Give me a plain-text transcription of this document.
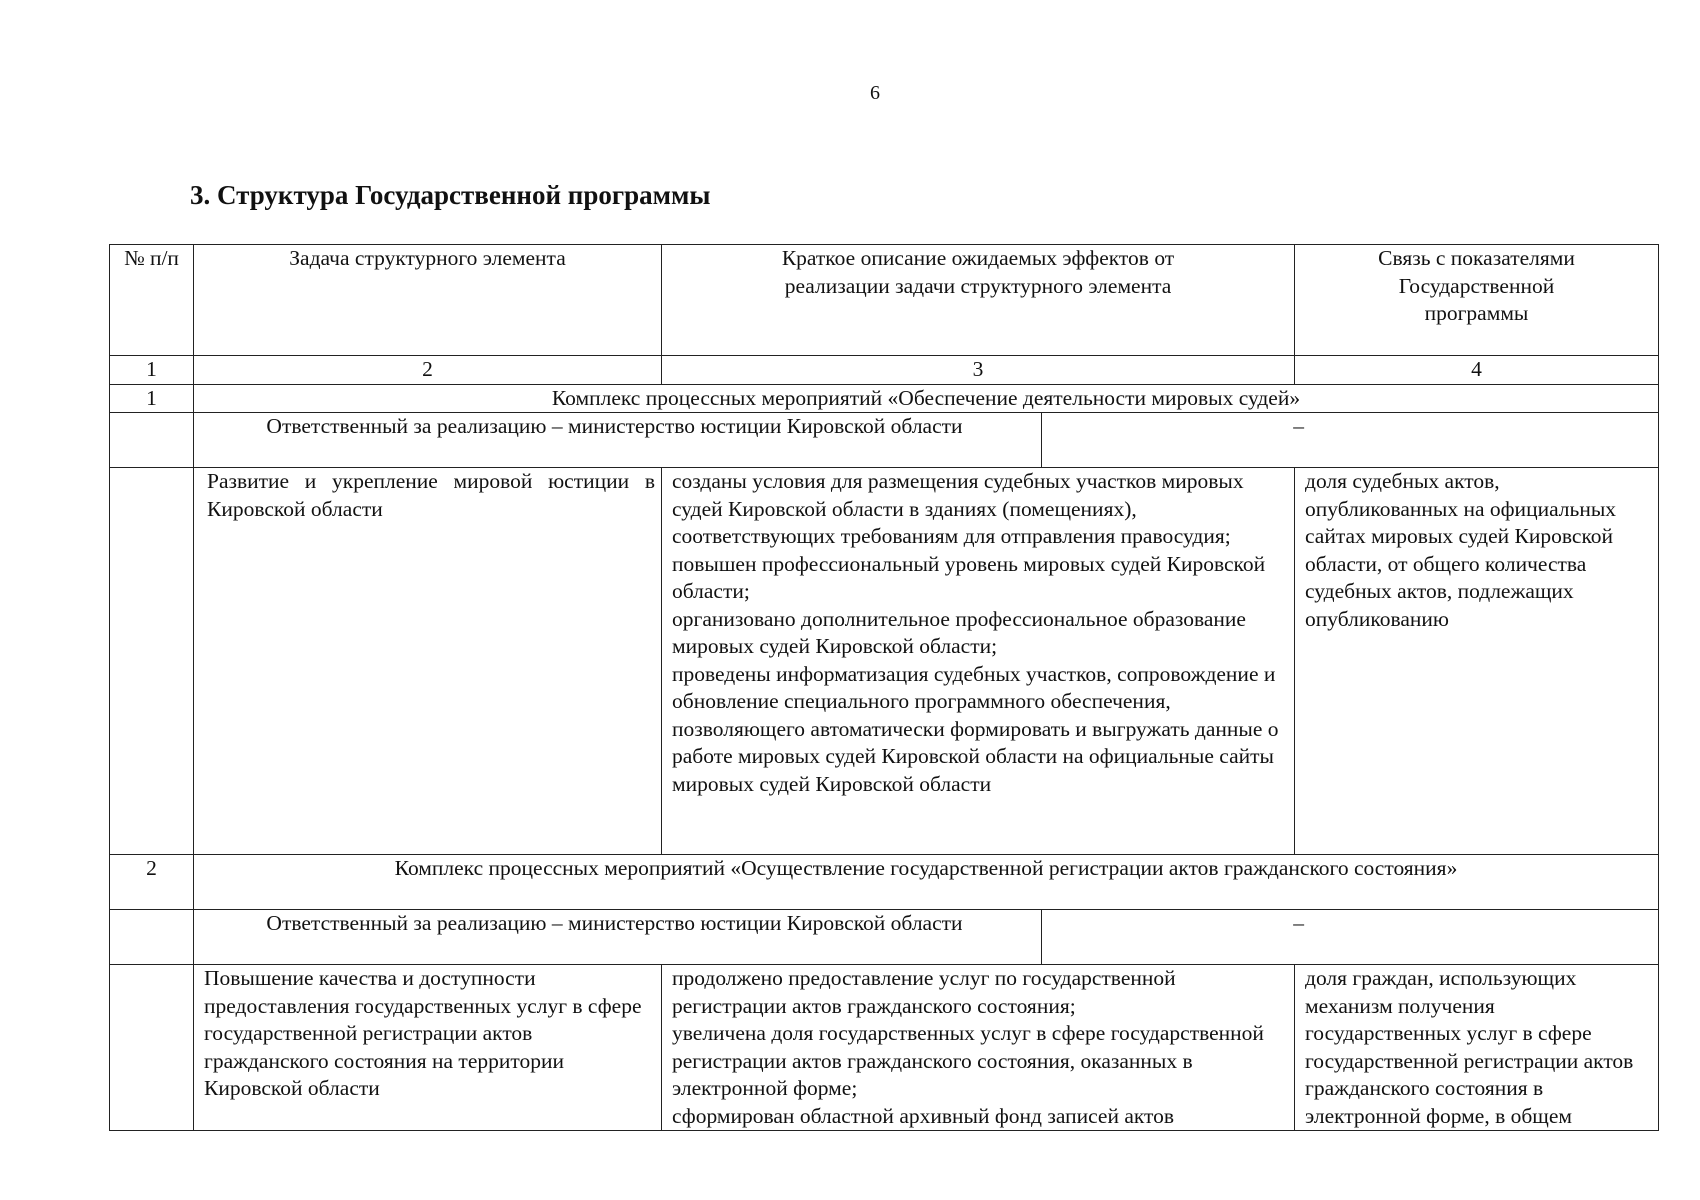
6
3. Структура Государственной программы
№ п/п	Задача структурного элемента	Краткое описание ожидаемых эффектов от реализации задачи структурного элемента	Связь с показателями Государственной программы
1	2	3	4
1	Комплекс процессных мероприятий «Обеспечение деятельности мировых судей»		

	Ответственный за реализацию – министерство юстиции Кировской области –		

	Развитие и укрепление мировой юстиции в Кировской области	созданы условия для размещения судебных участков мировых судей Кировской области в зданиях (помещениях), соответствующих требованиям для отправления правосудия;
повышен профессиональный уровень мировых судей Кировской области;
организовано дополнительное профессиональное образование мировых судей Кировской области;
проведены информатизация судебных участков, сопровождение и обновление специального программного обеспечения, позволяющего автоматически формировать и выгружать данные о работе мировых судей Кировской области на официальные сайты мировых судей Кировской области	доля судебных актов, опубликованных на официальных сайтах мировых судей Кировской области, от общего количества судебных актов, подлежащих опубликованию
2	Комплекс процессных мероприятий «Осуществление государственной регистрации актов гражданского состояния»		

	Ответственный за реализацию – министерство юстиции Кировской области –		

	Повышение качества и доступности предоставления государственных услуг в сфере государственной регистрации актов гражданского состояния на территории Кировской области	продолжено предоставление услуг по государственной регистрации актов гражданского состояния;
увеличена доля государственных услуг в сфере государственной регистрации актов гражданского состояния, оказанных в электронной форме;
сформирован областной архивный фонд записей актов	доля граждан, использующих механизм получения государственных услуг в сфере государственной регистрации актов гражданского состояния в электронной форме, в общем
